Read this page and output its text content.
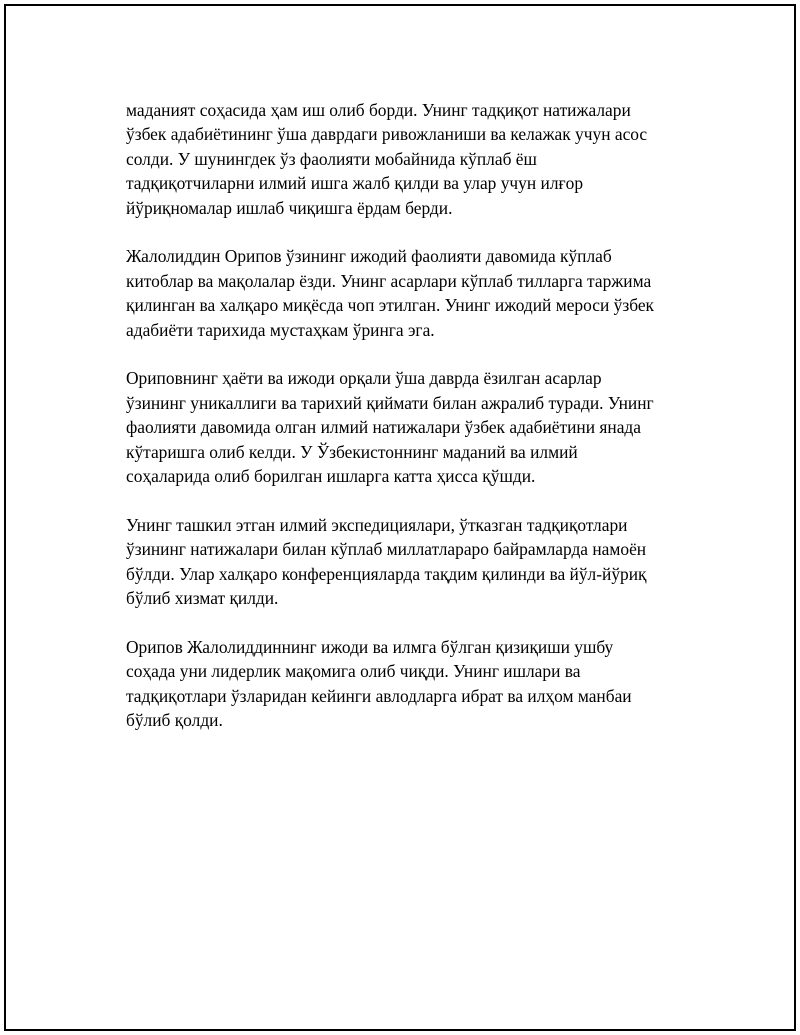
маданият соҳасида ҳам иш олиб борди. Унинг тадқиқот натижалари
ўзбек адабиётининг ўша даврдаги ривожланиши ва келажак учун асос
солди. У шунингдек ўз фаолияти мобайнида кўплаб ёш
тадқиқотчиларни илмий ишга жалб қилди ва улар учун илғор
йўриқномалар ишлаб чиқишга ёрдам берди.

Жалолиддин Орипов ўзининг ижодий фаолияти давомида кўплаб
китоблар ва мақолалар ёзди. Унинг асарлари кўплаб тилларга таржима
қилинган ва халқаро миқёсда чоп этилган. Унинг ижодий мероси ўзбек
адабиёти тарихида мустаҳкам ўринга эга.

Ориповнинг ҳаёти ва ижоди орқали ўша даврда ёзилган асарлар
ўзининг уникаллиги ва тарихий қиймати билан ажралиб туради. Унинг
фаолияти давомида олган илмий натижалари ўзбек адабиётини янада
кўтаришга олиб келди. У Ўзбекистоннинг маданий ва илмий
соҳаларида олиб борилган ишларга катта ҳисса қўшди.

Унинг ташкил этган илмий экспедициялари, ўтказган тадқиқотлари
ўзининг натижалари билан кўплаб миллатлараро байрамларда намоён
бўлди. Улар халқаро конференцияларда тақдим қилинди ва йўл-йўриқ
бўлиб хизмат қилди.

Орипов Жалолиддиннинг ижоди ва илмга бўлган қизиқиши ушбу
соҳада уни лидерлик мақомига олиб чиқди. Унинг ишлари ва
тадқиқотлари ўзларидан кейинги авлодларга ибрат ва илҳом манбаи
бўлиб қолди.
